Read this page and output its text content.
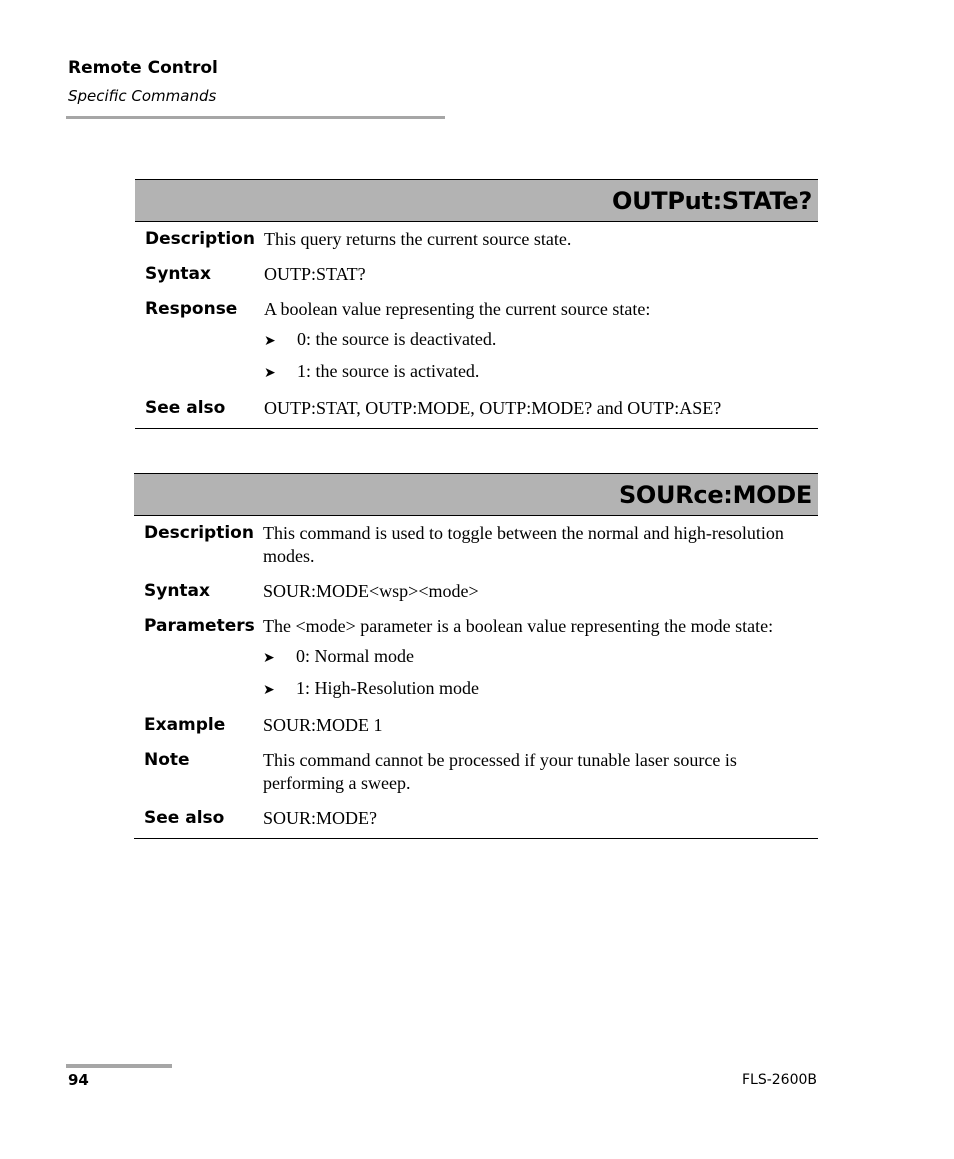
Remote Control
Specific Commands
OUTPut:STATe?
Description This query returns the current source state.
Syntax	OUTP:STAT?
Response	A boolean value representing the current source state:
➤	0: the source is deactivated.
➤	1: the source is activated.
See also	OUTP:STAT, OUTP:MODE, OUTP:MODE? and OUTP:ASE?
SOURce:MODE
Description This command is used to toggle between the normal and high-resolution modes.
Syntax	SOUR:MODE<wsp><mode>
Parameters The <mode> parameter is a boolean value representing the mode state:
➤	0: Normal mode
➤	1: High-Resolution mode
Example	SOUR:MODE 1
Note	This command cannot be processed if your tunable laser source is performing a sweep.
See also	SOUR:MODE?
94	FLS-2600B
